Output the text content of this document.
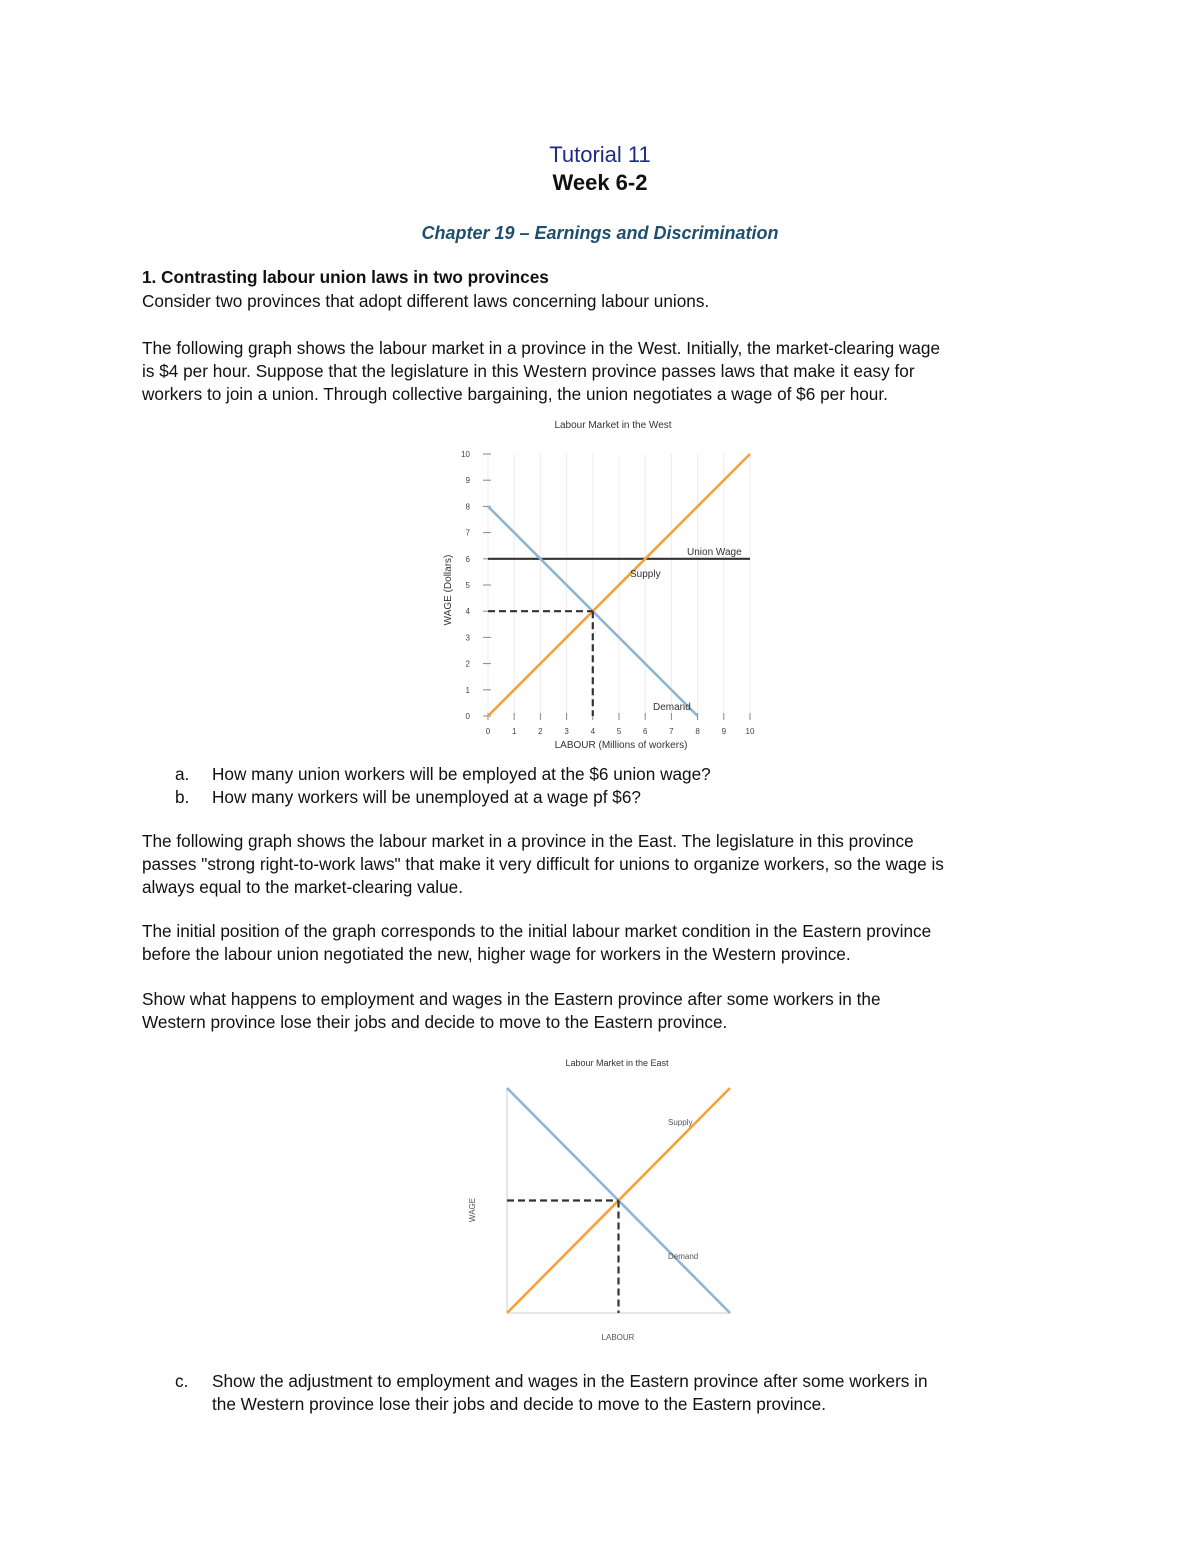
Tutorial 11
Week 6-2
Chapter 19 – Earnings and Discrimination

1. Contrasting labour union laws in two provinces

Consider two provinces that adopt different laws concerning labour unions.

The following graph shows the labour market in a province in the West. Initially, the market-clearing wage

is $4 per hour. Suppose that the legislature in this Western province passes laws that make it easy for

workers to join a union. Through collective bargaining, the union negotiates a wage of $6 per hour.

Labour Market in the West
0
1
2
3
4
5
6
7
8
9
10
0	1	2	3	4	5	6	7	8	9 10
Union Wage
Supply
Demand
LABOUR (Millions of workers)
WAGE (Dollars)
a. How many union workers will be employed at the $6 union wage?
b. How many workers will be unemployed at a wage pf $6?

The following graph shows the labour market in a province in the East. The legislature in this province

passes "strong right-to-work laws" that make it very difficult for unions to organize workers, so the wage is

always equal to the market-clearing value.

The initial position of the graph corresponds to the initial labour market condition in the Eastern province

before the labour union negotiated the new, higher wage for workers in the Western province.

Show what happens to employment and wages in the Eastern province after some workers in the

Western province lose their jobs and decide to move to the Eastern province.

Labour Market in the East
Supply
Demand
LABOUR
WAGE
c. Show the adjustment to employment and wages in the Eastern province after some workers in
the Western province lose their jobs and decide to move to the Eastern province.
